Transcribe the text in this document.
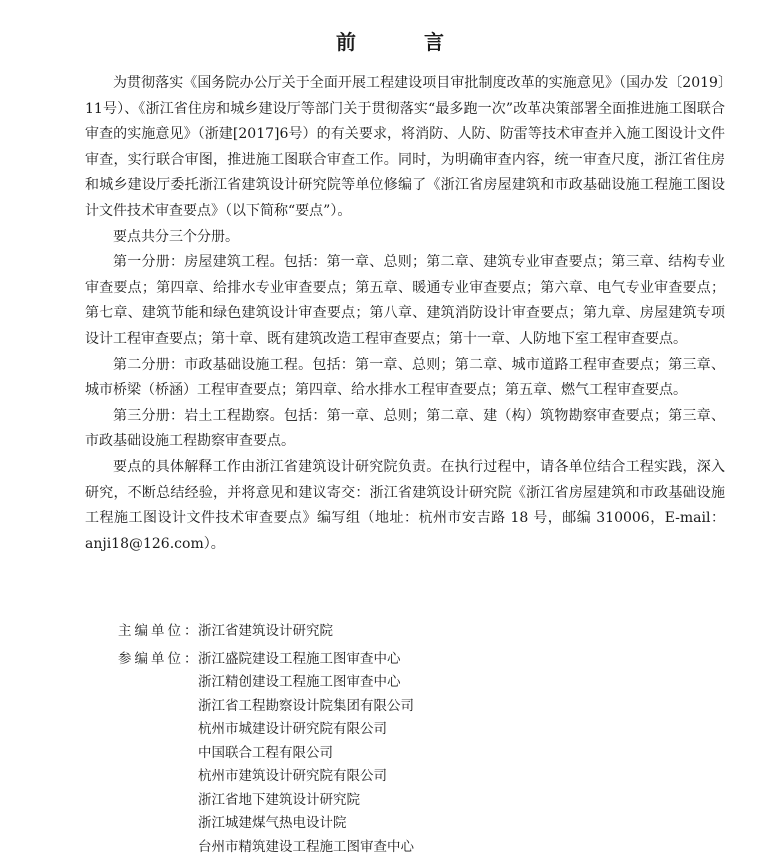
前　言

为贯彻落实《国务院办公厅关于全面开展工程建设项目审批制度改革的实施意见》（国办发〔2019〕11号）、《浙江省住房和城乡建设厅等部门关于贯彻落实“最多跑一次”改革决策部署全面推进施工图联合审查的实施意见》（浙建[2017]6号）的有关要求，将消防、人防、防雷等技术审查并入施工图设计文件审查，实行联合审图，推进施工图联合审查工作。同时，为明确审查内容，统一审查尺度，浙江省住房和城乡建设厅委托浙江省建筑设计研究院等单位修编了《浙江省房屋建筑和市政基础设施工程施工图设计文件技术审查要点》（以下简称“要点”）。

要点共分三个分册。

第一分册：房屋建筑工程。包括：第一章、总则；第二章、建筑专业审查要点；第三章、结构专业审查要点；第四章、给排水专业审查要点；第五章、暖通专业审查要点；第六章、电气专业审查要点；第七章、建筑节能和绿色建筑设计审查要点；第八章、建筑消防设计审查要点；第九章、房屋建筑专项设计工程审查要点；第十章、既有建筑改造工程审查要点；第十一章、人防地下室工程审查要点。

第二分册：市政基础设施工程。包括：第一章、总则；第二章、城市道路工程审查要点；第三章、城市桥梁（桥涵）工程审查要点；第四章、给水排水工程审查要点；第五章、燃气工程审查要点。

第三分册：岩土工程勘察。包括：第一章、总则；第二章、建（构）筑物勘察审查要点；第三章、市政基础设施工程勘察审查要点。

要点的具体解释工作由浙江省建筑设计研究院负责。在执行过程中，请各单位结合工程实践，深入研究，不断总结经验，并将意见和建议寄交：浙江省建筑设计研究院《浙江省房屋建筑和市政基础设施工程施工图设计文件技术审查要点》编写组（地址：杭州市安吉路 18 号，邮编 310006，E-mail：anji18@126.com）。

主编单位：
浙江省建筑设计研究院
参编单位：
浙江盛院建设工程施工图审查中心
浙江精创建设工程施工图审查中心
浙江省工程勘察设计院集团有限公司
杭州市城建设计研究院有限公司
中国联合工程有限公司
杭州市建筑设计研究院有限公司
浙江省地下建筑设计研究院
浙江城建煤气热电设计院
台州市精筑建设工程施工图审查中心
